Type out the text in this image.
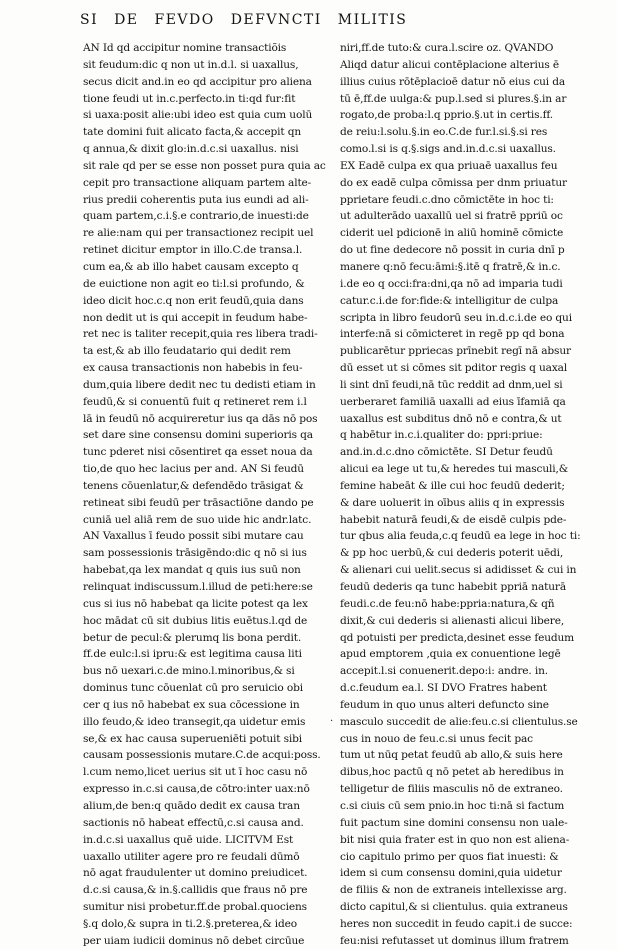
SI DE FEVDO DEFVNCTI MILITIS
AN Id qd accipitur nomine transactiõis
sit feudum:dic q non ut in.d.l. si uaxallus,
secus dicit and.in eo qd accipitur pro aliena
tione feudi ut in.c.perfecto.in ti:qd fur:fit
si uaxa:posit alie:ubi ideo est quia cum uolū
tate domini fuit alicato facta,& accepit qn
q annua,& dixit glo:in.d.c.si uaxallus. nisi
sit rale qd per se esse non posset pura quia ac
cepit pro transactione aliquam partem alte-
rius predii coherentis puta ius eundi ad ali-
quam partem,c.i.§.e contrario,de inuesti:de
re alie:nam qui per transactionez recipit uel
retinet dicitur emptor in illo.C.de transa.l.
cum ea,& ab illo habet causam excepto q
de euictione non agit eo ti:l.si profundo, &
ideo dicit hoc.c.q non erit feudū,quia dans
non dedit ut is qui accepit in feudum habe-
ret nec is taliter recepit,quia res libera tradi-
ta est,& ab illo feudatario qui dedit rem
ex causa transactionis non habebis in feu-
dum,quia libere dedit nec tu dedisti etiam in
feudū,& si conuentū fuit q retineret rem i.l
lā in feudū nō acquireretur ius qa dās nō pos
set dare sine consensu domini superioris qa
tunc pderet nisi cōsentiret qa esset noua da
tio,de quo hec lacius per and. AN Si feudū
tenens cōuenlatur,& defendēdo trāsigat &
retineat sibi feudū per trāsactiōne dando pe
cuniā uel aliā rem de suo uide hic andr.latc.
AN Vaxallus ī feudo possit sibi mutare cau
sam possessionis trāsigēndo:dic q nō si ius
habebat,qa lex mandat q quis ius suū non
relinquat indiscussum.l.illud de peti:here:se
cus si ius nō habebat qa licite potest qa lex
hoc mādat cū sit dubius litis euētus.l.qd de
betur de pecul:& plerumq lis bona perdit.
ff.de eulc:l.si ipru:& est legitima causa liti
bus nō uexari.c.de mino.l.minoribus,& si
dominus tunc cōuenlat cū pro seruicio obi
cer q ius nō habebat ex sua cōcessione in
illo feudo,& ideo transegit,qa uidetur emis
se,& ex hac causa superueniēti potuit sibi
causam possessionis mutare.C.de acqui:poss.
l.cum nemo,licet uerius sit ut ī hoc casu nō
expresso in.c.si causa,de cōtro:inter uax:nō
alium,de ben:q quādo dedit ex causa tran
sactionis nō habeat effectū,c.si causa and.
in.d.c.si uaxallus quē uide. LICITVM Est
uaxallo utiliter agere pro re feudali dūmō
nō agat fraudulenter ut domino preiudicet.
d.c.si causa,& in.§.callidis que fraus nō pre
sumitur nisi probetur.ff.de probal.quociens
§.q dolo,& supra in ti.2.§.preterea,& ideo
per uiam iudicii dominus nō debet circūue
niri,ff.de tuto:& cura.l.scire oz. QVANDO
Aliqd datur alicui contēplacione alterius ē
illius cuius rōtēplacioē datur nō eius cui da
tū ē,ff.de uulga:& pup.l.sed si plures.§.in ar
rogato,de proba:l.q pprio.§.ut in certis.ff.
de reiu:l.solu.§.in eo.C.de fur.l.si.§.si res
como.l.si is q.§.sigs and.in.d.c.si uaxallus.
EX Eadē culpa ex qua priuaē uaxallus feu
do ex eadē culpa cōmissa per dnm priuatur
pprietare feudi.c.dno cōmictēte in hoc ti:
ut adulterādo uaxallū uel si fratrē ppriū oc
ciderit uel pdicionē in aliū hominē cōmicte
do ut fine dedecore nō possit in curia dnī p
manere q:nō fecu:āmi:§.itē q fratrē,& in.c.
i.de eo q occi:fra:dni,qa nō ad imparia tudi
catur.c.i.de for:fide:& intelligitur de culpa
scripta in libro feudorū seu in.d.c.i.de eo qui
interfe:nā si cōmicteret in regē pp qd bona
publicarētur ppriecas prīnebit regī nā absur
dū esset ut si cōmes sit pditor regis q uaxal
li sint dnī feudi,nā tūc reddit ad dnm,uel si
uerberaret familiā uaxalli ad eius īfamiā qa
uaxallus est subditus dnō nō e contra,& ut
q habētur in.c.i.qualiter do: ppri:priue:
and.in.d.c.dno cōmictēte. SI Detur feudū
alicui ea lege ut tu,& heredes tui masculi,&
femine habeāt & ille cui hoc feudū dederit;
& dare uoluerit in oībus aliis q in expressis
habebit naturā feudi,& de eisdē culpis pde-
tur qbus alia feuda,c.q feudū ea lege in hoc ti:
& pp hoc uerbū,& cui dederis poterit uēdi,
& alienari cui uelit.secus si adidisset & cui in
feudū dederis qa tunc habebit ppriā naturā
feudi.c.de feu:nō habe:ppria:natura,& qñ
dixit,& cui dederis si alienasti alicui libere,
qd potuisti per predicta,desinet esse feudum
apud emptorem ,quia ex conuentione legē
accepit.l.si conuenerit.depo:i: andre. in.
d.c.feudum ea.l. SI DVO Fratres habent
feudum in quo unus alteri defuncto sine
masculo succedit de alie:feu.c.si clientulus.se
cus in nouo de feu.c.si unus fecit pac
tum ut nūq petat feudū ab allo,& suis here
dibus,hoc pactū q nō petet ab heredibus in
telligetur de filiis masculis nō de extraneo.
c.si ciuis cū sem pnio.in hoc ti:nā si factum
fuit pactum sine domini consensu non uale-
bit nisi quia frater est in quo non est aliena-
cio capitulo primo per quos fiat inuesti: &
idem si cum consensu domini,quia uidetur
de filiis & non de extraneis intellexisse arg.
dicto capitul,& si clientulus. quia extraneus
heres non succedit in feudo capit.i de succe:
feu:nisi refutasset ut dominus illum fratrem
·
